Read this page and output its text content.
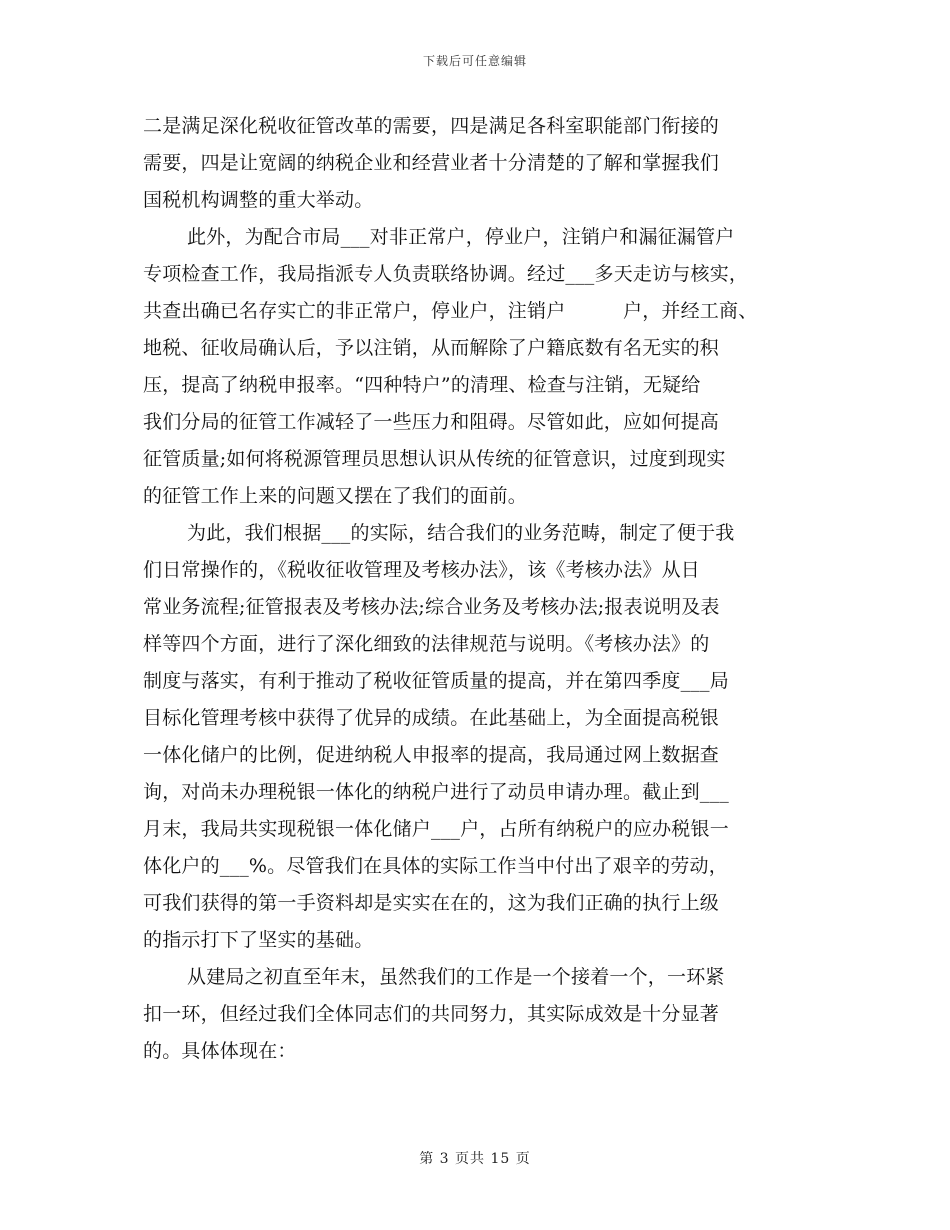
下载后可任意编辑
二是满足深化税收征管改革的需要，四是满足各科室职能部门衔接的
需要，四是让宽阔的纳税企业和经营业者十分清楚的了解和掌握我们
国税机构调整的重大举动。
此外，为配合市局___对非正常户，停业户，注销户和漏征漏管户
专项检查工作，我局指派专人负责联络协调。经过___多天走访与核实，
共查出确已名存实亡的非正常户，停业户，注销户　　　户，并经工商、
地税、征收局确认后，予以注销，从而解除了户籍底数有名无实的积
压，提高了纳税申报率。“四种特户”的清理、检查与注销，无疑给
我们分局的征管工作减轻了一些压力和阻碍。尽管如此，应如何提高
征管质量;如何将税源管理员思想认识从传统的征管意识，过度到现实
的征管工作上来的问题又摆在了我们的面前。
为此，我们根据___的实际，结合我们的业务范畴，制定了便于我
们日常操作的，《税收征收管理及考核办法》，该《考核办法》从日
常业务流程;征管报表及考核办法;综合业务及考核办法;报表说明及表
样等四个方面，进行了深化细致的法律规范与说明。《考核办法》的
制度与落实，有利于推动了税收征管质量的提高，并在第四季度___局
目标化管理考核中获得了优异的成绩。在此基础上，为全面提高税银
一体化储户的比例，促进纳税人申报率的提高，我局通过网上数据查
询，对尚未办理税银一体化的纳税户进行了动员申请办理。截止到___
月末，我局共实现税银一体化储户___户，占所有纳税户的应办税银一
体化户的___%。尽管我们在具体的实际工作当中付出了艰辛的劳动，
可我们获得的第一手资料却是实实在在的，这为我们正确的执行上级
的指示打下了坚实的基础。
从建局之初直至年末，虽然我们的工作是一个接着一个，一环紧
扣一环，但经过我们全体同志们的共同努力，其实际成效是十分显著
的。具体体现在：
第 3 页共 15 页
